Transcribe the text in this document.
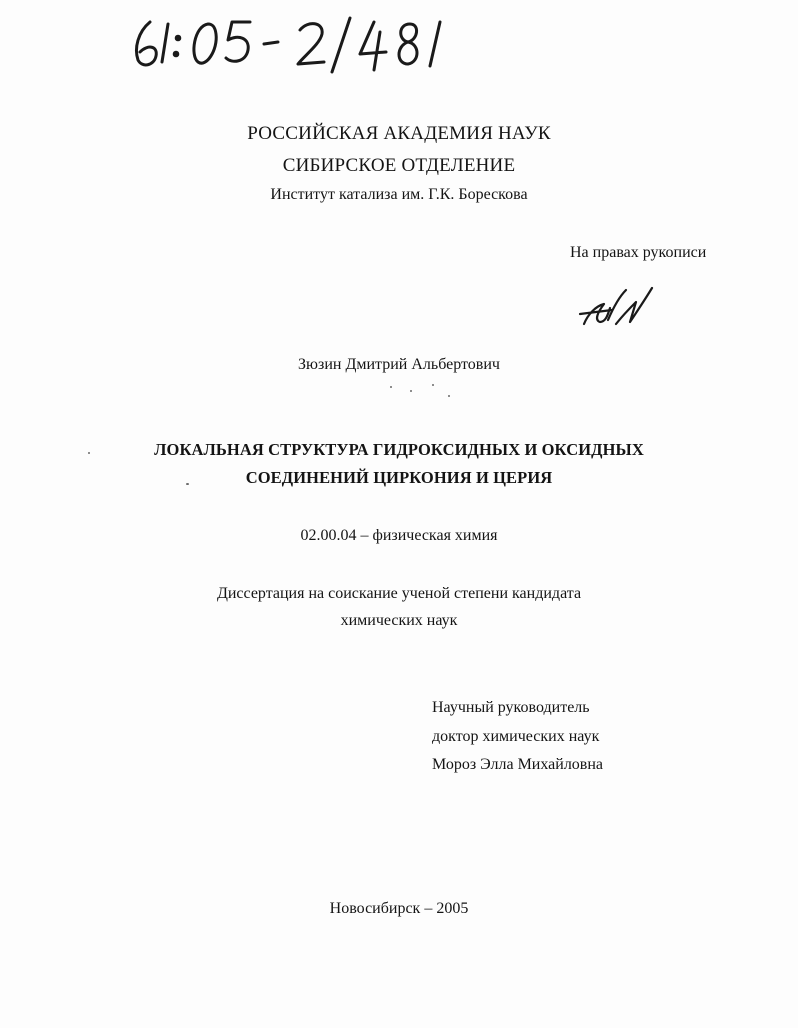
РОССИЙСКАЯ АКАДЕМИЯ НАУК
СИБИРСКОЕ ОТДЕЛЕНИЕ
Институт катализа им. Г.К. Борескова
На правах рукописи
Зюзин Дмитрий Альбертович
ЛОКАЛЬНАЯ СТРУКТУРА ГИДРОКСИДНЫХ И ОКСИДНЫХ
СОЕДИНЕНИЙ ЦИРКОНИЯ И ЦЕРИЯ
02.00.04 – физическая химия
Диссертация на соискание ученой степени кандидата
химических наук
Научный руководитель
доктор химических наук
Мороз Элла Михайловна
Новосибирск – 2005
